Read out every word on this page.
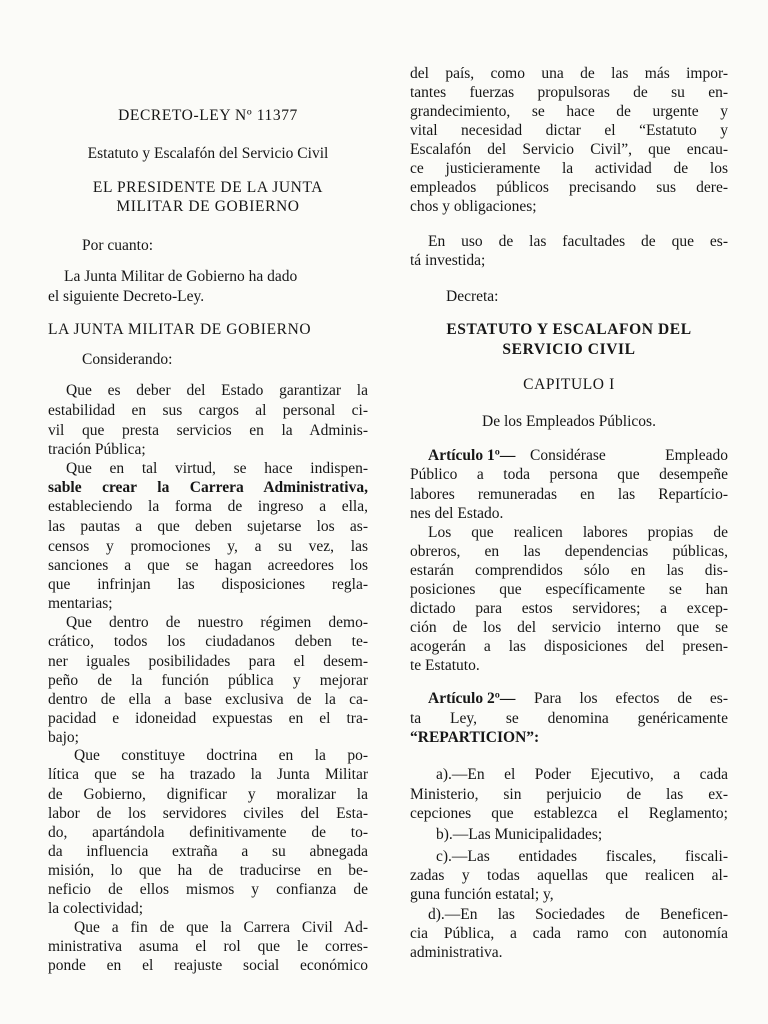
DECRETO-LEY Nº 11377
Estatuto y Escalafón del Servicio Civil
EL PRESIDENTE DE LA JUNTA
MILITAR DE GOBIERNO
Por cuanto:
La Junta Militar de Gobierno ha dado
el siguiente Decreto-Ley.
LA JUNTA MILITAR DE GOBIERNO
Considerando:
Que es deber del Estado garantizar la
estabilidad en sus cargos al personal ci-
vil que presta servicios en la Adminis-
tración Pública;
Que en tal virtud, se hace indispen-
sable crear la Carrera Administrativa,
estableciendo la forma de ingreso a ella,
las pautas a que deben sujetarse los as-
censos y promociones y, a su vez, las
sanciones a que se hagan acreedores los
que infrinjan las disposiciones regla-
mentarias;
Que dentro de nuestro régimen demo-
crático, todos los ciudadanos deben te-
ner iguales posibilidades para el desem-
peño de la función pública y mejorar
dentro de ella a base exclusiva de la ca-
pacidad e idoneidad expuestas en el tra-
bajo;
Que constituye doctrina en la po-
lítica que se ha trazado la Junta Militar
de Gobierno, dignificar y moralizar la
labor de los servidores civiles del Esta-
do, apartándola definitivamente de to-
da influencia extraña a su abnegada
misión, lo que ha de traducirse en be-
neficio de ellos mismos y confianza de
la colectividad;
Que a fin de que la Carrera Civil Ad-
ministrativa asuma el rol que le corres-
ponde en el reajuste social económico
del país, como una de las más impor-
tantes fuerzas propulsoras de su en-
grandecimiento, se hace de urgente y
vital necesidad dictar el “Estatuto y
Escalafón del Servicio Civil”, que encau-
ce justicieramente la actividad de los
empleados públicos precisando sus dere-
chos y obligaciones;
En uso de las facultades de que es-
tá investida;
Decreta:
ESTATUTO Y ESCALAFON DEL
SERVICIO CIVIL
CAPITULO I
De los Empleados Públicos.
Artículo 1º— Considérase Empleado
Público a toda persona que desempeñe
labores remuneradas en las Repartício-
nes del Estado.
Los que realicen labores propias de
obreros, en las dependencias públicas,
estarán comprendidos sólo en las dis-
posiciones que específicamente se han
dictado para estos servidores; a excep-
ción de los del servicio interno que se
acogerán a las disposiciones del presen-
te Estatuto.
Artículo 2º— Para los efectos de es-
ta Ley, se denomina genéricamente
“REPARTICION”:
a).—En el Poder Ejecutivo, a cada
Ministerio, sin perjuicio de las ex-
cepciones que establezca el Reglamento;
b).—Las Municipalidades;
c).—Las entidades fiscales, fiscali-
zadas y todas aquellas que realicen al-
guna función estatal; y,
d).—En las Sociedades de Beneficen-
cia Pública, a cada ramo con autonomía
administrativa.
